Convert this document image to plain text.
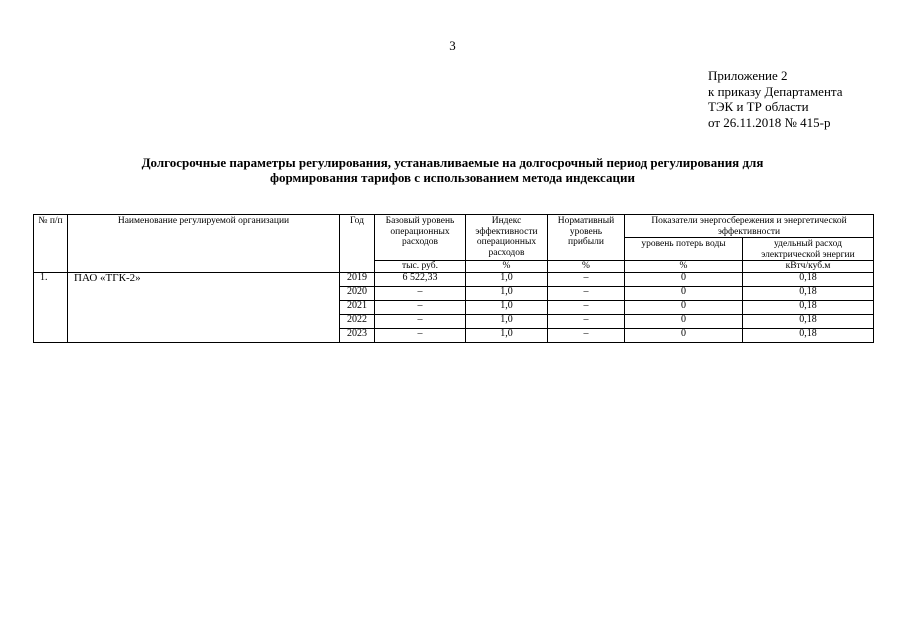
3
Приложение 2
к приказу Департамента
ТЭК и ТР области
от 26.11.2018 № 415-р
Долгосрочные параметры регулирования, устанавливаемые на долгосрочный период регулирования для
формирования тарифов с использованием метода индексации
№ п/п	Наименование регулируемой организации	Год	Базовый уровень операционных расходов	Индекс эффективности операционных расходов	Нормативный уровень прибыли	Показатели энергосбережения и энергетической эффективности	
						уровень потерь воды	удельный расход электрической энергии
			тыс. руб.	%	%	%	кВтч/куб.м
1.	ПАО «ТГК-2»	2019	6 522,33	1,0	–	0	0,18
		2020	–	1,0	–	0	0,18
		2021	–	1,0	–	0	0,18
		2022	–	1,0	–	0	0,18
		2023	–	1,0	–	0	0,18
